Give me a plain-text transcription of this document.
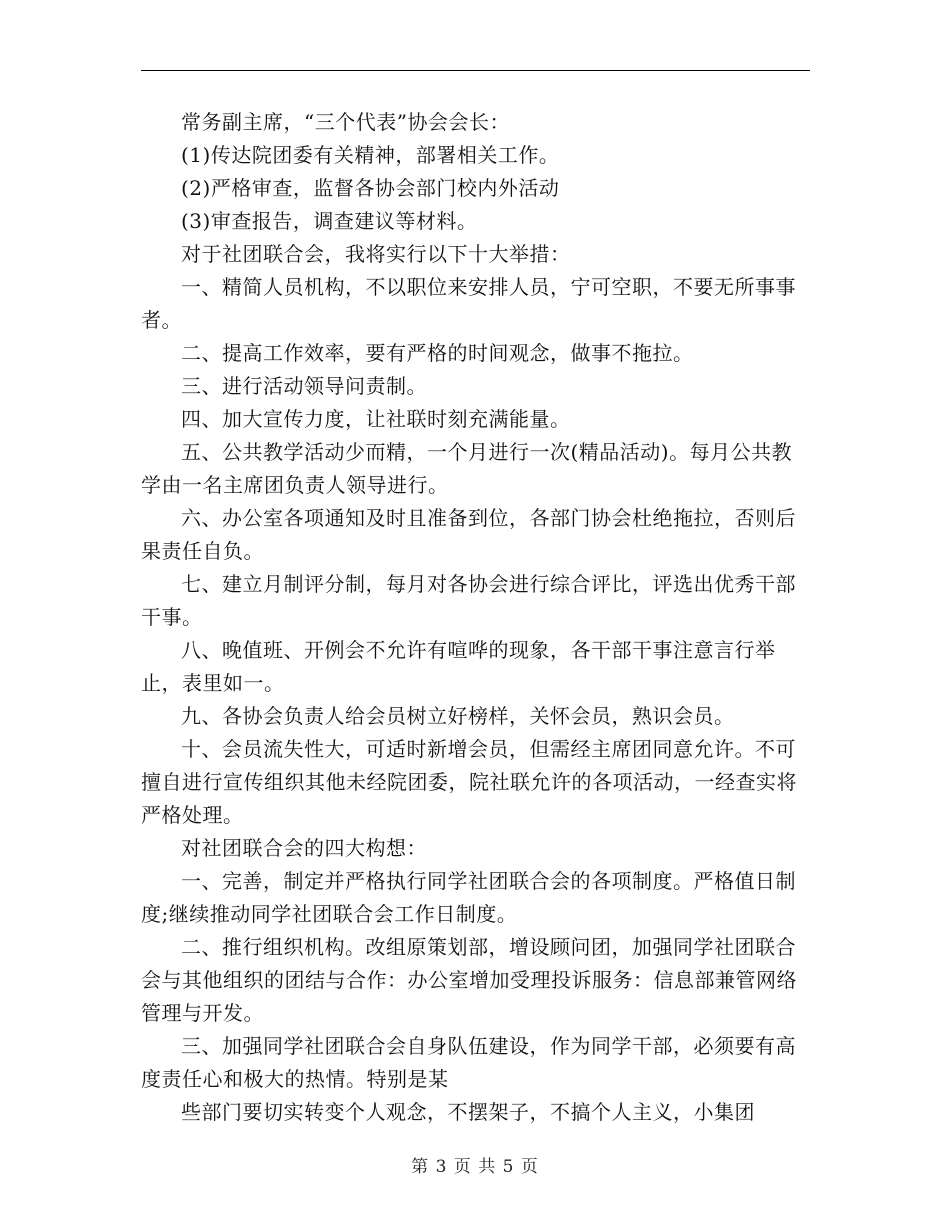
常务副主席，“三个代表”协会会长：

(1)传达院团委有关精神，部署相关工作。

(2)严格审查，监督各协会部门校内外活动

(3)审查报告，调查建议等材料。

对于社团联合会，我将实行以下十大举措：

一、精简人员机构，不以职位来安排人员，宁可空职，不要无所事事者。

二、提高工作效率，要有严格的时间观念，做事不拖拉。

三、进行活动领导问责制。

四、加大宣传力度，让社联时刻充满能量。

五、公共教学活动少而精，一个月进行一次(精品活动)。每月公共教学由一名主席团负责人领导进行。

六、办公室各项通知及时且准备到位，各部门协会杜绝拖拉，否则后果责任自负。

七、建立月制评分制，每月对各协会进行综合评比，评选出优秀干部干事。

八、晚值班、开例会不允许有喧哗的现象，各干部干事注意言行举止，表里如一。

九、各协会负责人给会员树立好榜样，关怀会员，熟识会员。

十、会员流失性大，可适时新增会员，但需经主席团同意允许。不可擅自进行宣传组织其他未经院团委，院社联允许的各项活动，一经查实将严格处理。

对社团联合会的四大构想：

一、完善，制定并严格执行同学社团联合会的各项制度。严格值日制度;继续推动同学社团联合会工作日制度。

二、推行组织机构。改组原策划部，增设顾问团，加强同学社团联合会与其他组织的团结与合作：办公室增加受理投诉服务：信息部兼管网络管理与开发。

三、加强同学社团联合会自身队伍建设，作为同学干部，必须要有高度责任心和极大的热情。特别是某

些部门要切实转变个人观念，不摆架子，不搞个人主义，小集团

第 3 页 共 5 页
